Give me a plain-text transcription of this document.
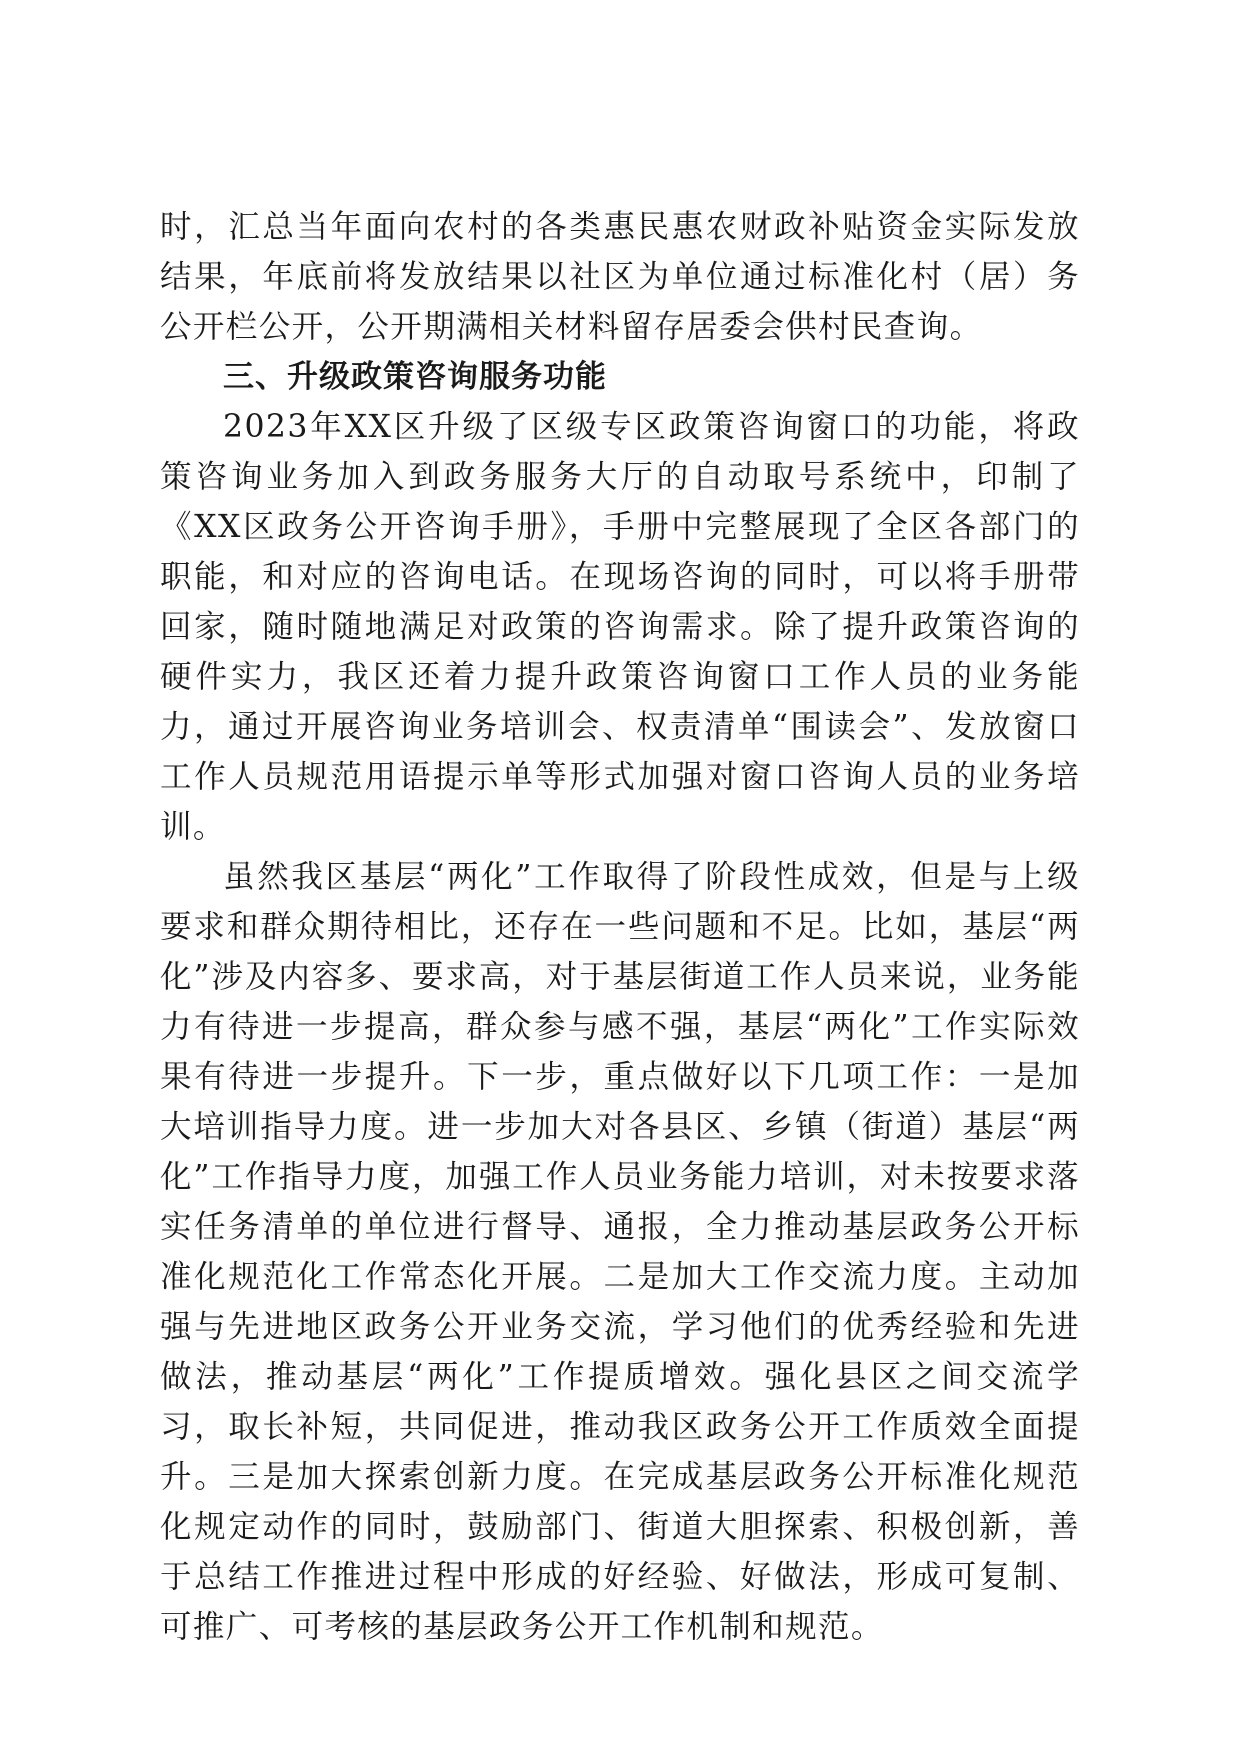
时，汇总当年面向农村的各类惠民惠农财政补贴资金实际发放结果，年底前将发放结果以社区为单位通过标准化村（居）务公开栏公开，公开期满相关材料留存居委会供村民查询。

三、升级政策咨询服务功能

2023年XX区升级了区级专区政策咨询窗口的功能，将政策咨询业务加入到政务服务大厅的自动取号系统中，印制了《XX区政务公开咨询手册》，手册中完整展现了全区各部门的职能，和对应的咨询电话。在现场咨询的同时，可以将手册带回家，随时随地满足对政策的咨询需求。除了提升政策咨询的硬件实力，我区还着力提升政策咨询窗口工作人员的业务能力，通过开展咨询业务培训会、权责清单“围读会”、发放窗口工作人员规范用语提示单等形式加强对窗口咨询人员的业务培训。

虽然我区基层“两化”工作取得了阶段性成效，但是与上级要求和群众期待相比，还存在一些问题和不足。比如，基层“两化”涉及内容多、要求高，对于基层街道工作人员来说，业务能力有待进一步提高，群众参与感不强，基层“两化”工作实际效果有待进一步提升。下一步，重点做好以下几项工作：一是加大培训指导力度。进一步加大对各县区、乡镇（街道）基层“两化”工作指导力度，加强工作人员业务能力培训，对未按要求落实任务清单的单位进行督导、通报，全力推动基层政务公开标准化规范化工作常态化开展。二是加大工作交流力度。主动加强与先进地区政务公开业务交流，学习他们的优秀经验和先进做法，推动基层“两化”工作提质增效。强化县区之间交流学习，取长补短，共同促进，推动我区政务公开工作质效全面提升。三是加大探索创新力度。在完成基层政务公开标准化规范化规定动作的同时，鼓励部门、街道大胆探索、积极创新，善于总结工作推进过程中形成的好经验、好做法，形成可复制、可推广、可考核的基层政务公开工作机制和规范。
